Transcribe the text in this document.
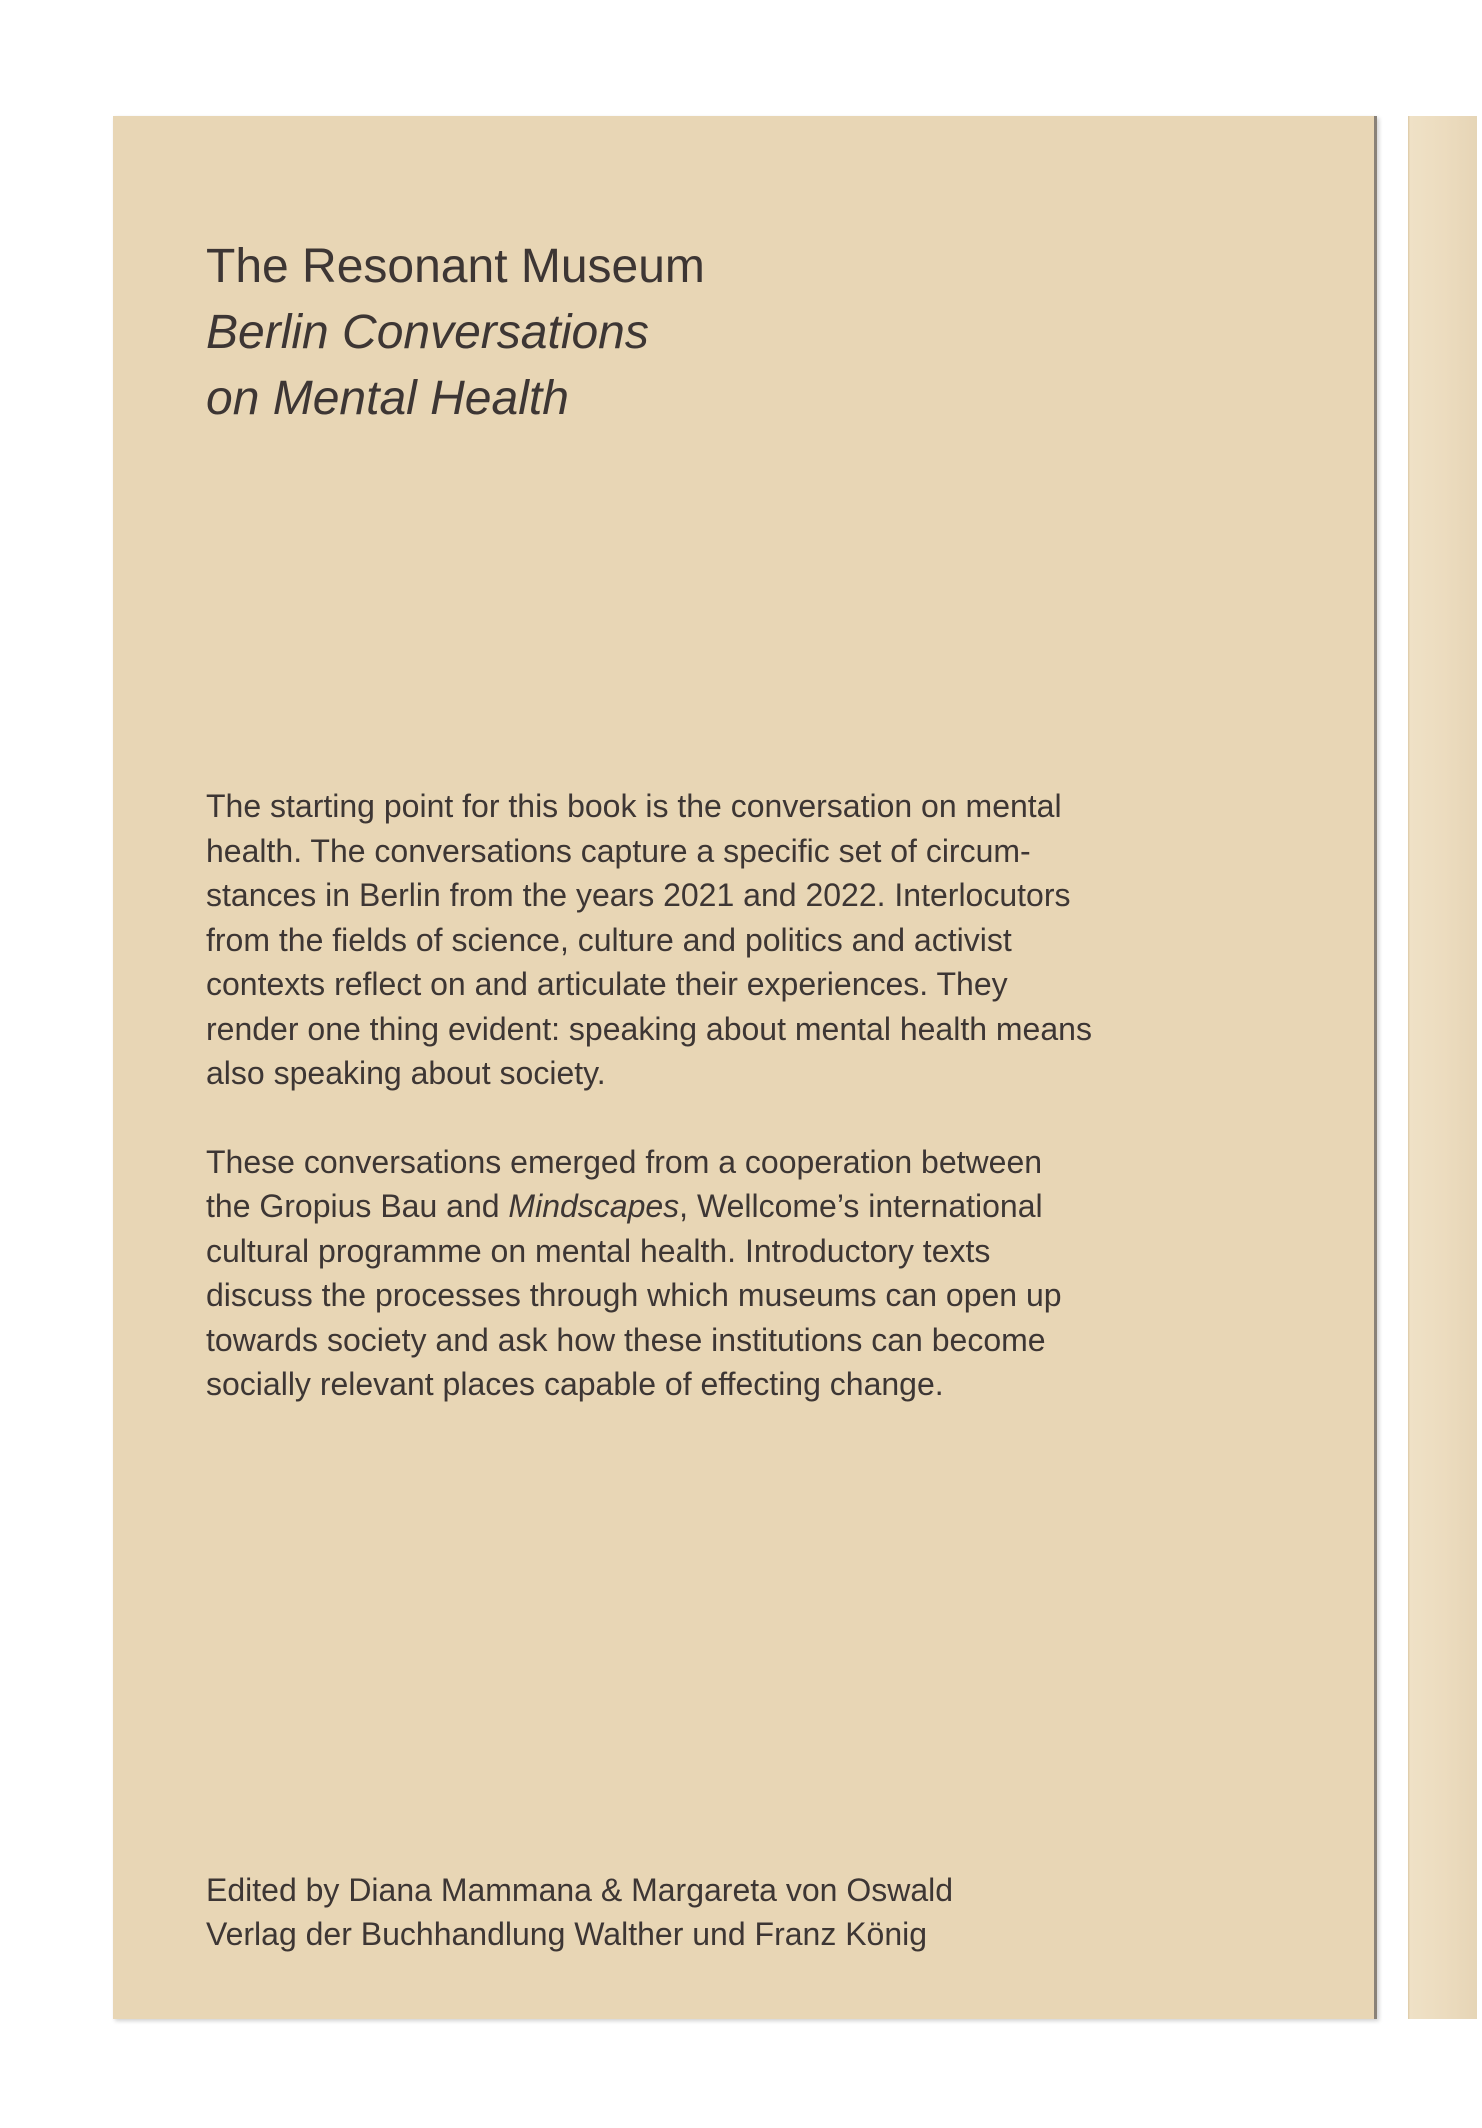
The Resonant Museum
Berlin Conversations
on Mental Health

The starting point for this book is the conversation on mental
health. The conversations capture a specific set of circum-
stances in Berlin from the years 2021 and 2022. Interlocutors
from the fields of science, culture and politics and activist
contexts reflect on and articulate their experiences. They
render one thing evident: speaking about mental health means
also speaking about society.

These conversations emerged from a cooperation between
the Gropius Bau and Mindscapes, Wellcome’s international
cultural programme on mental health. Introductory texts
discuss the processes through which museums can open up
towards society and ask how these institutions can become
socially relevant places capable of effecting change.

Edited by Diana Mammana & Margareta von Oswald
Verlag der Buchhandlung Walther und Franz König
